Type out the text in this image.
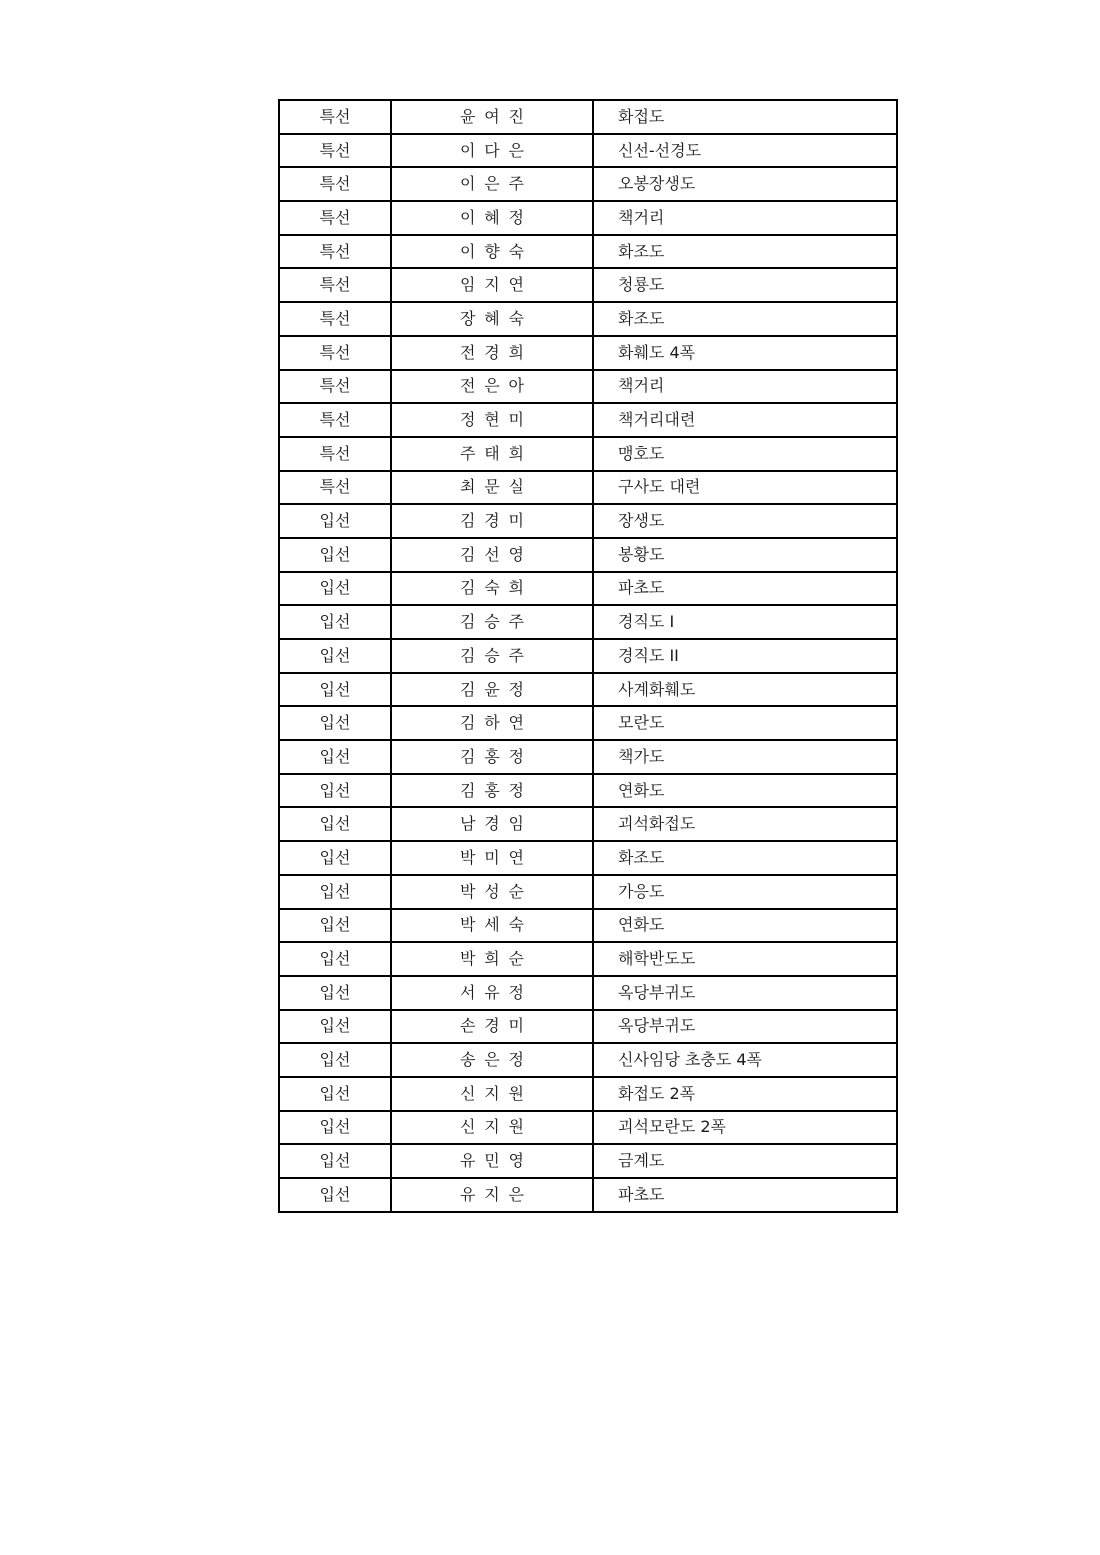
특선	윤여진	화접도
특선	이다은	신선-선경도
특선	이은주	오봉장생도
특선	이혜정	책거리
특선	이향숙	화조도
특선	임지연	청룡도
특선	장혜숙	화조도
특선	전경희	화훼도 4폭
특선	전은아	책거리
특선	정현미	책거리대련
특선	주태희	맹호도
특선	최문실	구사도 대련
입선	김경미	장생도
입선	김선영	봉황도
입선	김숙희	파초도
입선	김승주	경직도 I
입선	김승주	경직도 II
입선	김윤정	사계화훼도
입선	김하연	모란도
입선	김홍정	책가도
입선	김홍정	연화도
입선	남경임	괴석화접도
입선	박미연	화조도
입선	박성순	가응도
입선	박세숙	연화도
입선	박희순	해학반도도
입선	서유정	옥당부귀도
입선	손경미	옥당부귀도
입선	송은정	신사임당 초충도 4폭
입선	신지원	화접도 2폭
입선	신지원	괴석모란도 2폭
입선	유민영	금계도
입선	유지은	파초도
